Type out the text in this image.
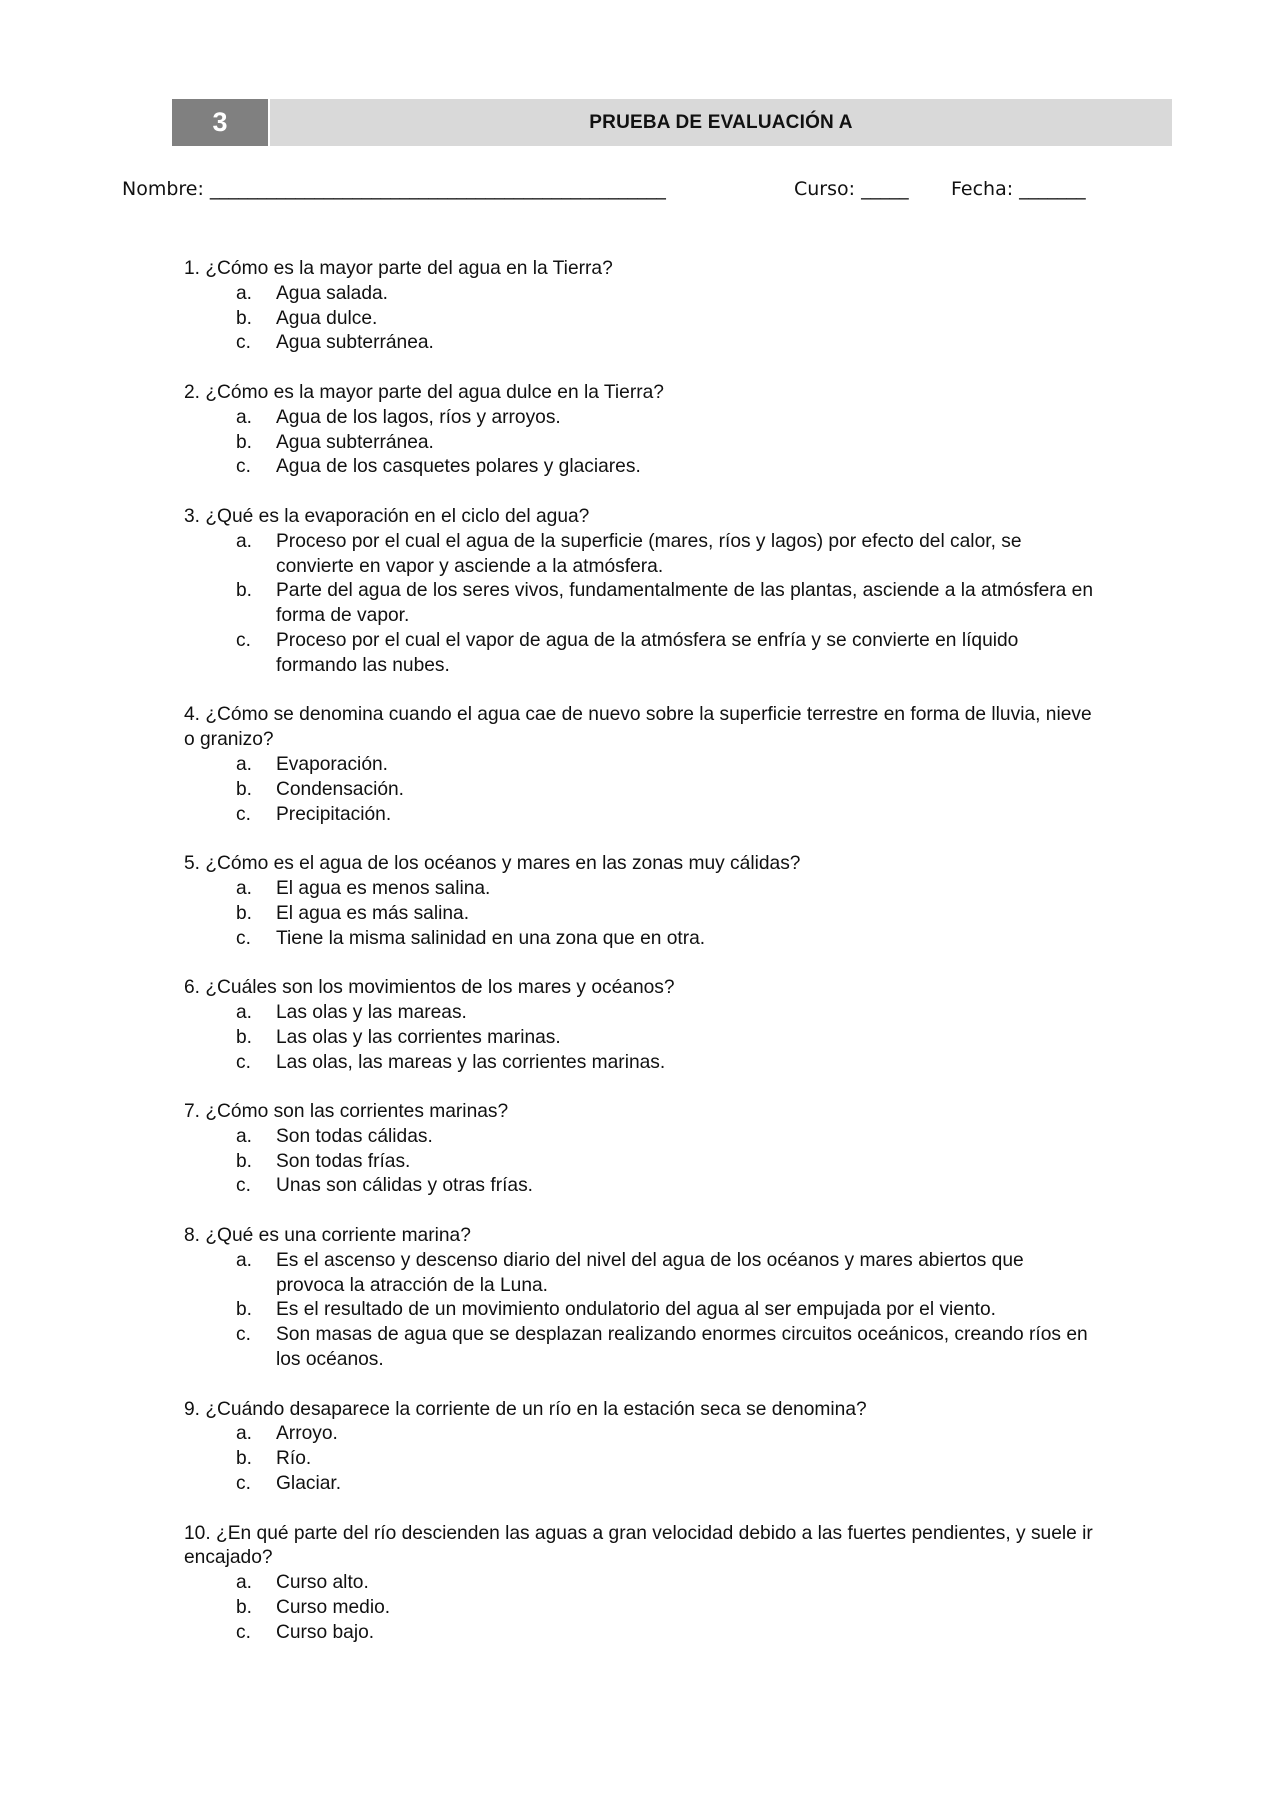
3	PRUEBA DE EVALUACIÓN A
Nombre: ________________________________________________	Curso: _____ Fecha: _______

1. ¿Cómo es la mayor parte del agua en la Tierra?

a.	Agua salada.
b.	Agua dulce.
c.	Agua subterránea.

2. ¿Cómo es la mayor parte del agua dulce en la Tierra?

a.	Agua de los lagos, ríos y arroyos.
b.	Agua subterránea.
c.	Agua de los casquetes polares y glaciares.

3. ¿Qué es la evaporación en el ciclo del agua?

a.	Proceso por el cual el agua de la superficie (mares, ríos y lagos) por efecto del calor, se convierte en vapor y asciende a la atmósfera.
b.	Parte del agua de los seres vivos, fundamentalmente de las plantas, asciende a la atmósfera en forma de vapor.
c.	Proceso por el cual el vapor de agua de la atmósfera se enfría y se convierte en líquido formando las nubes.

4. ¿Cómo se denomina cuando el agua cae de nuevo sobre la superficie terrestre en forma de lluvia, nieve o granizo?

a.	Evaporación.
b.	Condensación.
c.	Precipitación.

5. ¿Cómo es el agua de los océanos y mares en las zonas muy cálidas?

a.	El agua es menos salina.
b.	El agua es más salina.
c.	Tiene la misma salinidad en una zona que en otra.

6. ¿Cuáles son los movimientos de los mares y océanos?

a.	Las olas y las mareas.
b.	Las olas y las corrientes marinas.
c.	Las olas, las mareas y las corrientes marinas.

7. ¿Cómo son las corrientes marinas?

a.	Son todas cálidas.
b.	Son todas frías.
c.	Unas son cálidas y otras frías.

8. ¿Qué es una corriente marina?

a.	Es el ascenso y descenso diario del nivel del agua de los océanos y mares abiertos que provoca la atracción de la Luna.
b.	Es el resultado de un movimiento ondulatorio del agua al ser empujada por el viento.
c.	Son masas de agua que se desplazan realizando enormes circuitos oceánicos, creando ríos en los océanos.

9. ¿Cuándo desaparece la corriente de un río en la estación seca se denomina?

a.	Arroyo.
b.	Río.
c.	Glaciar.

10. ¿En qué parte del río descienden las aguas a gran velocidad debido a las fuertes pendientes, y suele ir encajado?

a.	Curso alto.
b.	Curso medio.
c.	Curso bajo.
